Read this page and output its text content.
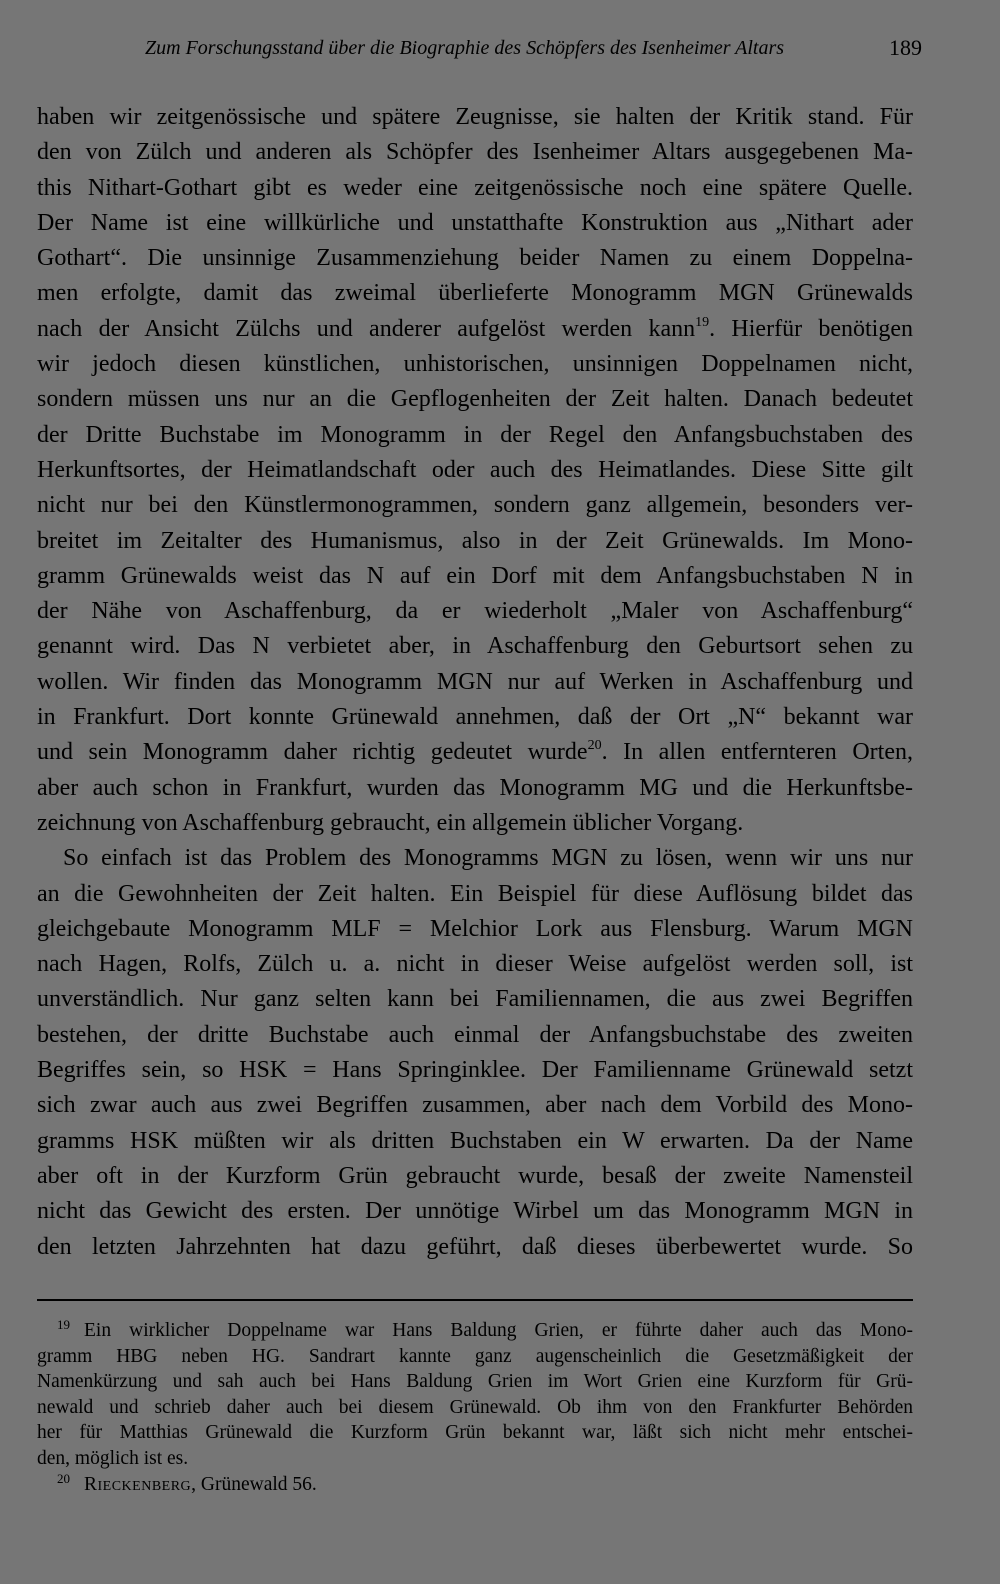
Zum Forschungsstand über die Biographie des Schöpfers des Isenheimer Altars	189
haben wir zeitgenössische und spätere Zeugnisse, sie halten der Kritik stand. Für
den von Zülch und anderen als Schöpfer des Isenheimer Altars ausgegebenen Ma-
this Nithart-Gothart gibt es weder eine zeitgenössische noch eine spätere Quelle.
Der Name ist eine willkürliche und unstatthafte Konstruktion aus „Nithart ader
Gothart“. Die unsinnige Zusammenziehung beider Namen zu einem Doppelna-
men erfolgte, damit das zweimal überlieferte Monogramm MGN Grünewalds
nach der Ansicht Zülchs und anderer aufgelöst werden kann$^{19}$. Hierfür benötigen
wir jedoch diesen künstlichen, unhistorischen, unsinnigen Doppelnamen nicht,
sondern müssen uns nur an die Gepflogenheiten der Zeit halten. Danach bedeutet
der Dritte Buchstabe im Monogramm in der Regel den Anfangsbuchstaben des
Herkunftsortes, der Heimatlandschaft oder auch des Heimatlandes. Diese Sitte gilt
nicht nur bei den Künstlermonogrammen, sondern ganz allgemein, besonders ver-
breitet im Zeitalter des Humanismus, also in der Zeit Grünewalds. Im Mono-
gramm Grünewalds weist das N auf ein Dorf mit dem Anfangsbuchstaben N in
der Nähe von Aschaffenburg, da er wiederholt „Maler von Aschaffenburg“
genannt wird. Das N verbietet aber, in Aschaffenburg den Geburtsort sehen zu
wollen. Wir finden das Monogramm MGN nur auf Werken in Aschaffenburg und
in Frankfurt. Dort konnte Grünewald annehmen, daß der Ort „N“ bekannt war
und sein Monogramm daher richtig gedeutet wurde$^{20}$. In allen entfernteren Orten,
aber auch schon in Frankfurt, wurden das Monogramm MG und die Herkunftsbe-
zeichnung von Aschaffenburg gebraucht, ein allgemein üblicher Vorgang.
So einfach ist das Problem des Monogramms MGN zu lösen, wenn wir uns nur
an die Gewohnheiten der Zeit halten. Ein Beispiel für diese Auflösung bildet das
gleichgebaute Monogramm MLF = Melchior Lork aus Flensburg. Warum MGN
nach Hagen, Rolfs, Zülch u. a. nicht in dieser Weise aufgelöst werden soll, ist
unverständlich. Nur ganz selten kann bei Familiennamen, die aus zwei Begriffen
bestehen, der dritte Buchstabe auch einmal der Anfangsbuchstabe des zweiten
Begriffes sein, so HSK = Hans Springinklee. Der Familienname Grünewald setzt
sich zwar auch aus zwei Begriffen zusammen, aber nach dem Vorbild des Mono-
gramms HSK müßten wir als dritten Buchstaben ein W erwarten. Da der Name
aber oft in der Kurzform Grün gebraucht wurde, besaß der zweite Namensteil
nicht das Gewicht des ersten. Der unnötige Wirbel um das Monogramm MGN in
den letzten Jahrzehnten hat dazu geführt, daß dieses überbewertet wurde. So
$^{19}$ Ein wirklicher Doppelname war Hans Baldung Grien, er führte daher auch das Mono-
gramm HBG neben HG. Sandrart kannte ganz augenscheinlich die Gesetzmäßigkeit der
Namenkürzung und sah auch bei Hans Baldung Grien im Wort Grien eine Kurzform für Grü-
newald und schrieb daher auch bei diesem Grünewald. Ob ihm von den Frankfurter Behörden
her für Matthias Grünewald die Kurzform Grün bekannt war, läßt sich nicht mehr entschei-
den, möglich ist es.
$^{20}$ Rieckenberg, Grünewald 56.
